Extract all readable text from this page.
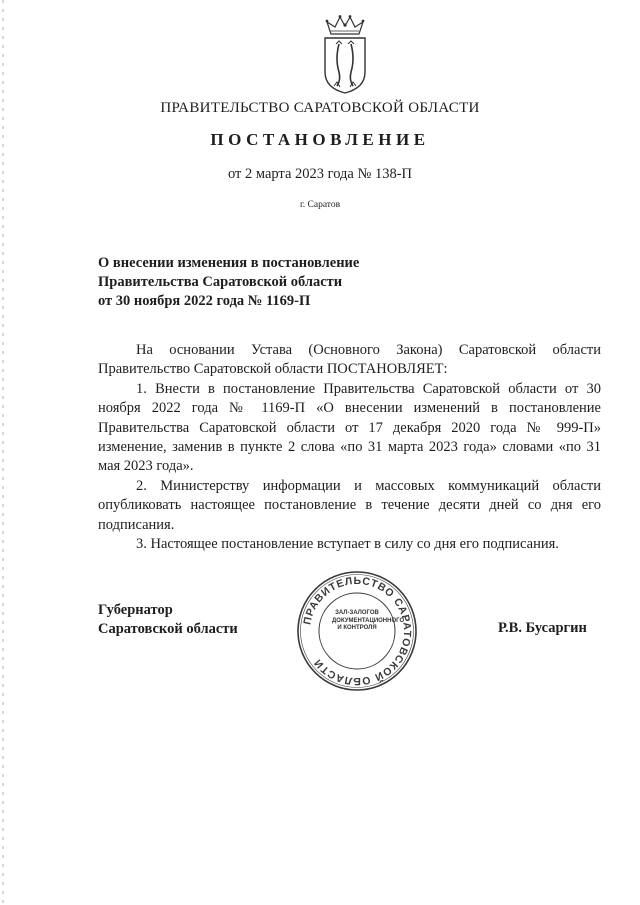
ПРАВИТЕЛЬСТВО САРАТОВСКОЙ ОБЛАСТИ
ПОСТАНОВЛЕНИЕ
от 2 марта 2023 года № 138-П
г. Саратов
О внесении изменения в постановление
Правительства Саратовской области
от 30 ноября 2022 года № 1169-П

На основании Устава (Основного Закона) Саратовской области Правительство Саратовской области ПОСТАНОВЛЯЕТ:

1. Внести в постановление Правительства Саратовской области от 30 ноября 2022 года № 1169-П «О внесении изменений в постановление Правительства Саратовской области от 17 декабря 2020 года № 999-П» изменение, заменив в пункте 2 слова «по 31 марта 2023 года» словами «по 31 мая 2023 года».

2. Министерству информации и массовых коммуникаций области опубликовать настоящее постановление в течение десяти дней со дня его подписания.

3. Настоящее постановление вступает в силу со дня его подписания.

Губернатор
Саратовской области
ПРАВИТЕЛЬСТВО САРАТОВСКОЙ ОБЛАСТИ
ЗАЛ-ЗАЛОГОВ
ДОКУМЕНТАЦИОННОГО
И КОНТРОЛЯ	Р.В. Бусаргин
